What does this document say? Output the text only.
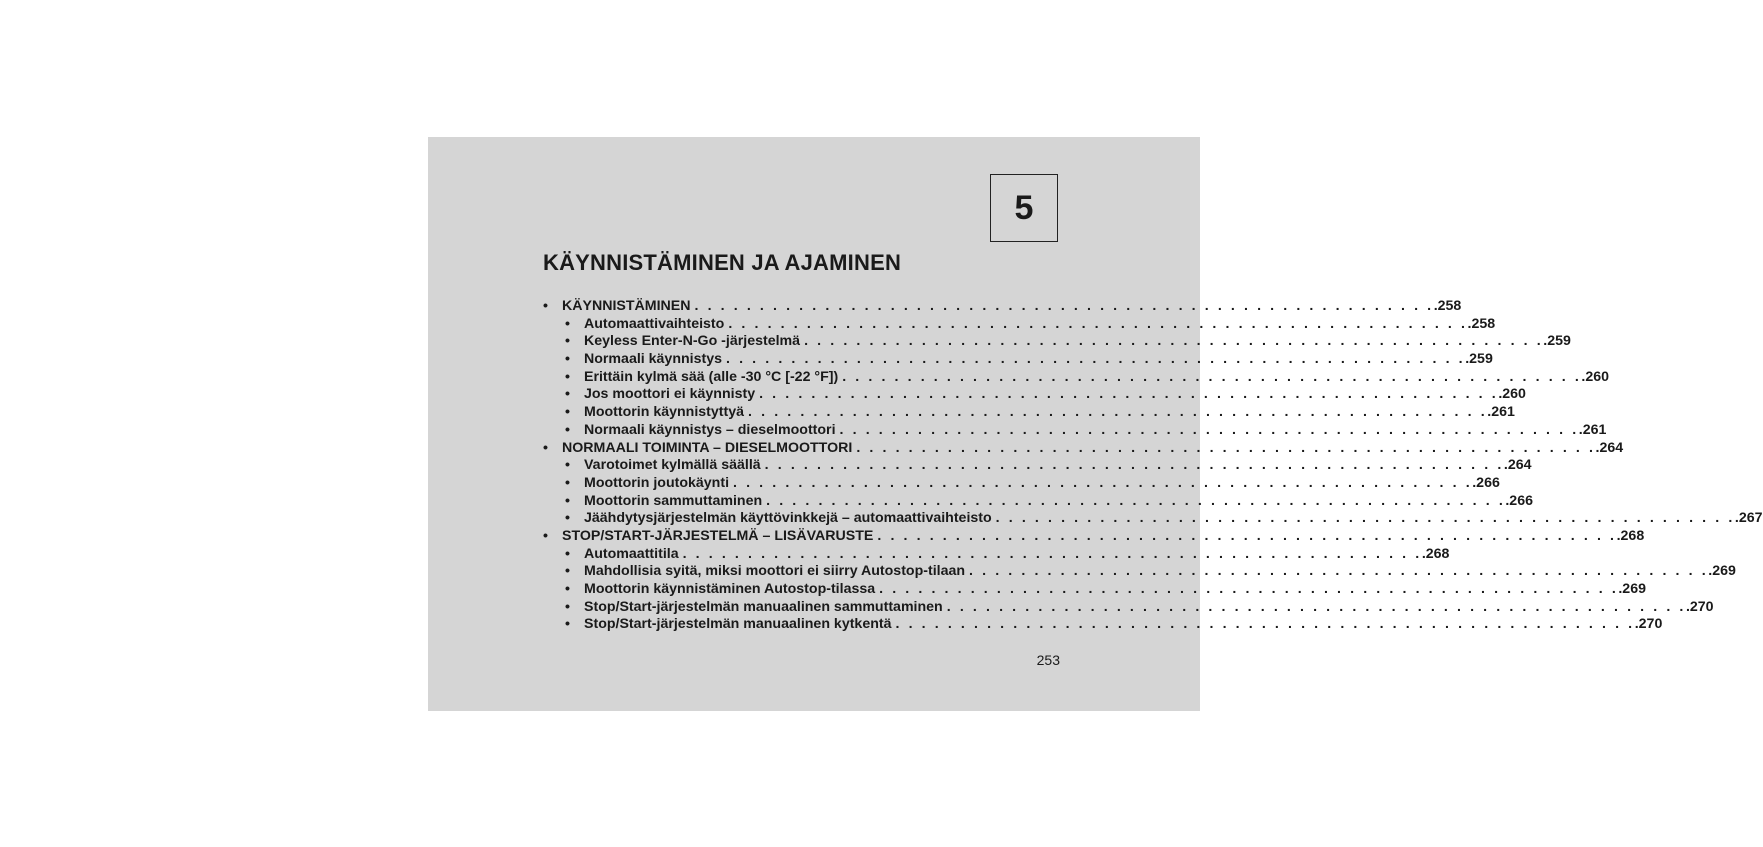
5
KÄYNNISTÄMINEN JA AJAMINEN
• KÄYNNISTÄMINEN . . . . . . . . . . . . . . . . . . . . . . . . . . . . . . . . . . . . . . . . . . . . . . . . . . . . . . . . . .258
• Automaattivaihteisto . . . . . . . . . . . . . . . . . . . . . . . . . . . . . . . . . . . . . . . . . . . . . . . . . . . . . . . . . .258
• Keyless Enter-N-Go -järjestelmä . . . . . . . . . . . . . . . . . . . . . . . . . . . . . . . . . . . . . . . . . . . . . . . . . . . . . . . . . .259
• Normaali käynnistys . . . . . . . . . . . . . . . . . . . . . . . . . . . . . . . . . . . . . . . . . . . . . . . . . . . . . . . . . .259
• Erittäin kylmä sää (alle -30 °C [-22 °F]) . . . . . . . . . . . . . . . . . . . . . . . . . . . . . . . . . . . . . . . . . . . . . . . . . . . . . . . . . .260
• Jos moottori ei käynnisty . . . . . . . . . . . . . . . . . . . . . . . . . . . . . . . . . . . . . . . . . . . . . . . . . . . . . . . . . .260
• Moottorin käynnistyttyä . . . . . . . . . . . . . . . . . . . . . . . . . . . . . . . . . . . . . . . . . . . . . . . . . . . . . . . . . .261
• Normaali käynnistys – dieselmoottori . . . . . . . . . . . . . . . . . . . . . . . . . . . . . . . . . . . . . . . . . . . . . . . . . . . . . . . . . .261
• NORMAALI TOIMINTA – DIESELMOOTTORI . . . . . . . . . . . . . . . . . . . . . . . . . . . . . . . . . . . . . . . . . . . . . . . . . . . . . . . . . .264
• Varotoimet kylmällä säällä . . . . . . . . . . . . . . . . . . . . . . . . . . . . . . . . . . . . . . . . . . . . . . . . . . . . . . . . . .264
• Moottorin joutokäynti . . . . . . . . . . . . . . . . . . . . . . . . . . . . . . . . . . . . . . . . . . . . . . . . . . . . . . . . . .266
• Moottorin sammuttaminen . . . . . . . . . . . . . . . . . . . . . . . . . . . . . . . . . . . . . . . . . . . . . . . . . . . . . . . . . .266
• Jäähdytysjärjestelmän käyttövinkkejä – automaattivaihteisto . . . . . . . . . . . . . . . . . . . . . . . . . . . . . . . . . . . . . . . . . . . . . . . . . . . . . . . . . .267
• STOP/START-JÄRJESTELMÄ – LISÄVARUSTE . . . . . . . . . . . . . . . . . . . . . . . . . . . . . . . . . . . . . . . . . . . . . . . . . . . . . . . . . .268
• Automaattitila . . . . . . . . . . . . . . . . . . . . . . . . . . . . . . . . . . . . . . . . . . . . . . . . . . . . . . . . . .268
• Mahdollisia syitä, miksi moottori ei siirry Autostop-tilaan . . . . . . . . . . . . . . . . . . . . . . . . . . . . . . . . . . . . . . . . . . . . . . . . . . . . . . . . . .269
• Moottorin käynnistäminen Autostop-tilassa . . . . . . . . . . . . . . . . . . . . . . . . . . . . . . . . . . . . . . . . . . . . . . . . . . . . . . . . . .269
• Stop/Start-järjestelmän manuaalinen sammuttaminen . . . . . . . . . . . . . . . . . . . . . . . . . . . . . . . . . . . . . . . . . . . . . . . . . . . . . . . . . .270
• Stop/Start-järjestelmän manuaalinen kytkentä . . . . . . . . . . . . . . . . . . . . . . . . . . . . . . . . . . . . . . . . . . . . . . . . . . . . . . . . . .270
253
